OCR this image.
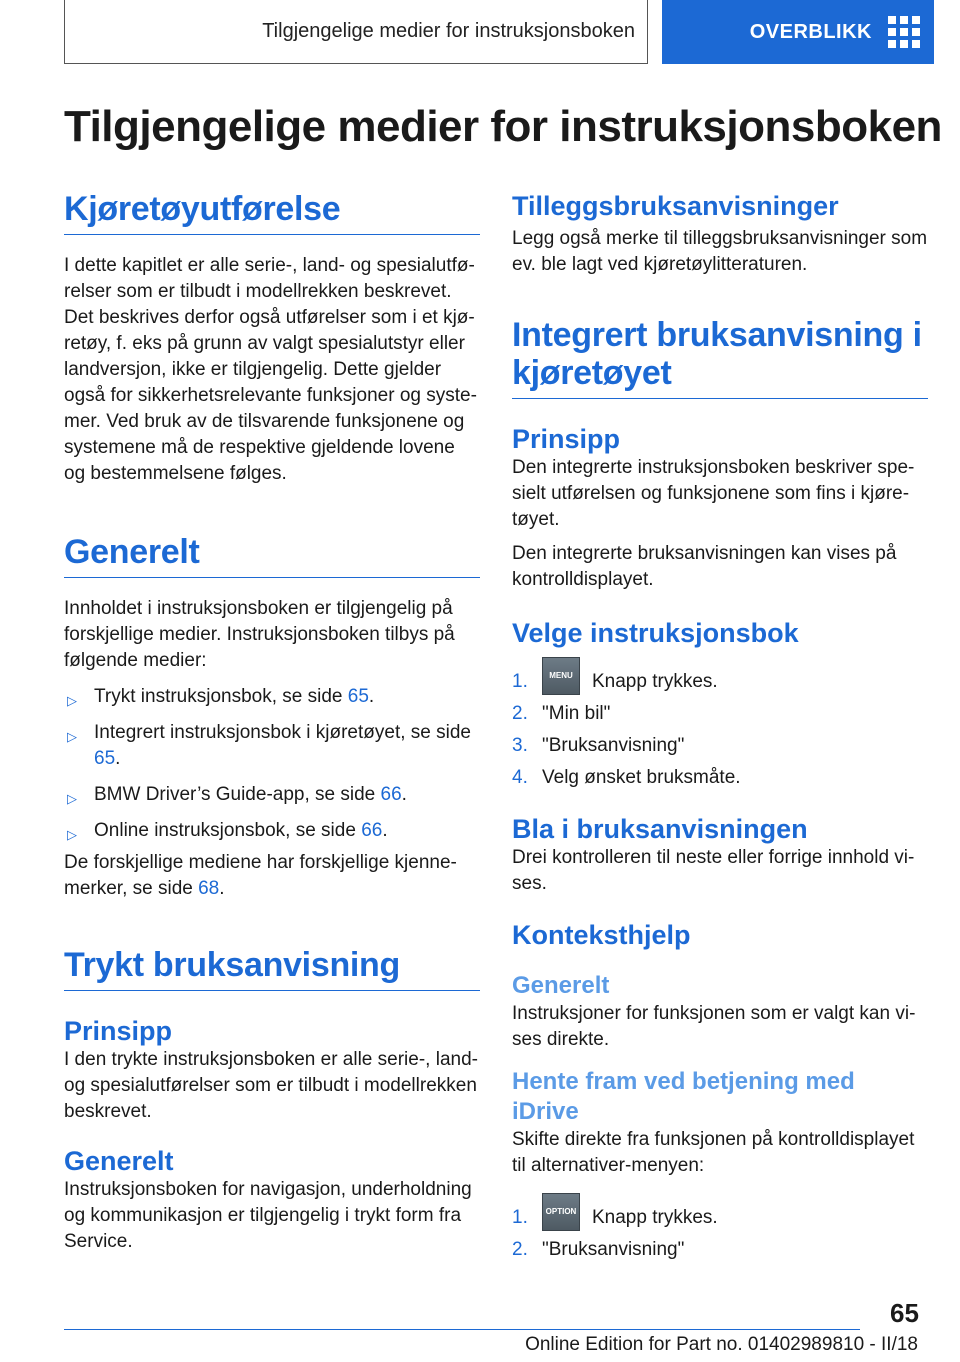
Tilgjengelige medier for instruksjonsboken	OVERBLIKK
Tilgjengelige medier for instruksjonsboken
Kjøretøyutførelse

I dette kapitlet er alle serie-, land- og spesialutfø‐relser som er tilbudt i modellrekken beskrevet. Det beskrives derfor også utførelser som i et kjø‐retøy, f. eks på grunn av valgt spesialutstyr eller landversjon, ikke er tilgjengelig. Dette gjelder også for sikkerhetsrelevante funksjoner og syste‐mer. Ved bruk av de tilsvarende funksjonene og systemene må de respektive gjeldende lovene og bestemmelsene følges.

Generelt

Innholdet i instruksjonsboken er tilgjengelig på forskjellige medier. Instruksjonsboken tilbys på følgende medier:

▷ Trykt instruksjonsbok, se side 65.
▷ Integrert instruksjonsbok i kjøretøyet, se side 65.
▷ BMW Driver’s Guide-app, se side 66.
▷ Online instruksjonsbok, se side 66.

De forskjellige mediene har forskjellige kjenne‐merker, se side 68.

Trykt bruksanvisning
Prinsipp

I den trykte instruksjonsboken er alle serie-, land- og spesialutførelser som er tilbudt i modellrekken beskrevet.

Generelt

Instruksjonsboken for navigasjon, underholdning og kommunikasjon er tilgjengelig i trykt form fra Service.

Tilleggsbruksanvisninger

Legg også merke til tilleggsbruksanvisninger som ev. ble lagt ved kjøretøylitteraturen.

Integrert bruksanvisning i kjøretøyet
Prinsipp

Den integrerte instruksjonsboken beskriver spe‐sielt utførelsen og funksjonene som fins i kjøre‐tøyet.

Den integrerte bruksanvisningen kan vises på kontrolldisplayet.

Velge instruksjonsbok
1.	MENU	Knapp trykkes.
2. "Min bil"
3. "Bruksanvisning"
4. Velg ønsket bruksmåte.
Bla i bruksanvisningen

Drei kontrolleren til neste eller forrige innhold vi‐ses.

Konteksthjelp
Generelt

Instruksjoner for funksjonen som er valgt kan vi‐ses direkte.

Hente fram ved betjening med iDrive

Skifte direkte fra funksjonen på kontrolldisplayet til alternativer-menyen:

1.	OPTION Knapp trykkes.
2. "Bruksanvisning"
65
Online Edition for Part no. 01402989810 - II/18
